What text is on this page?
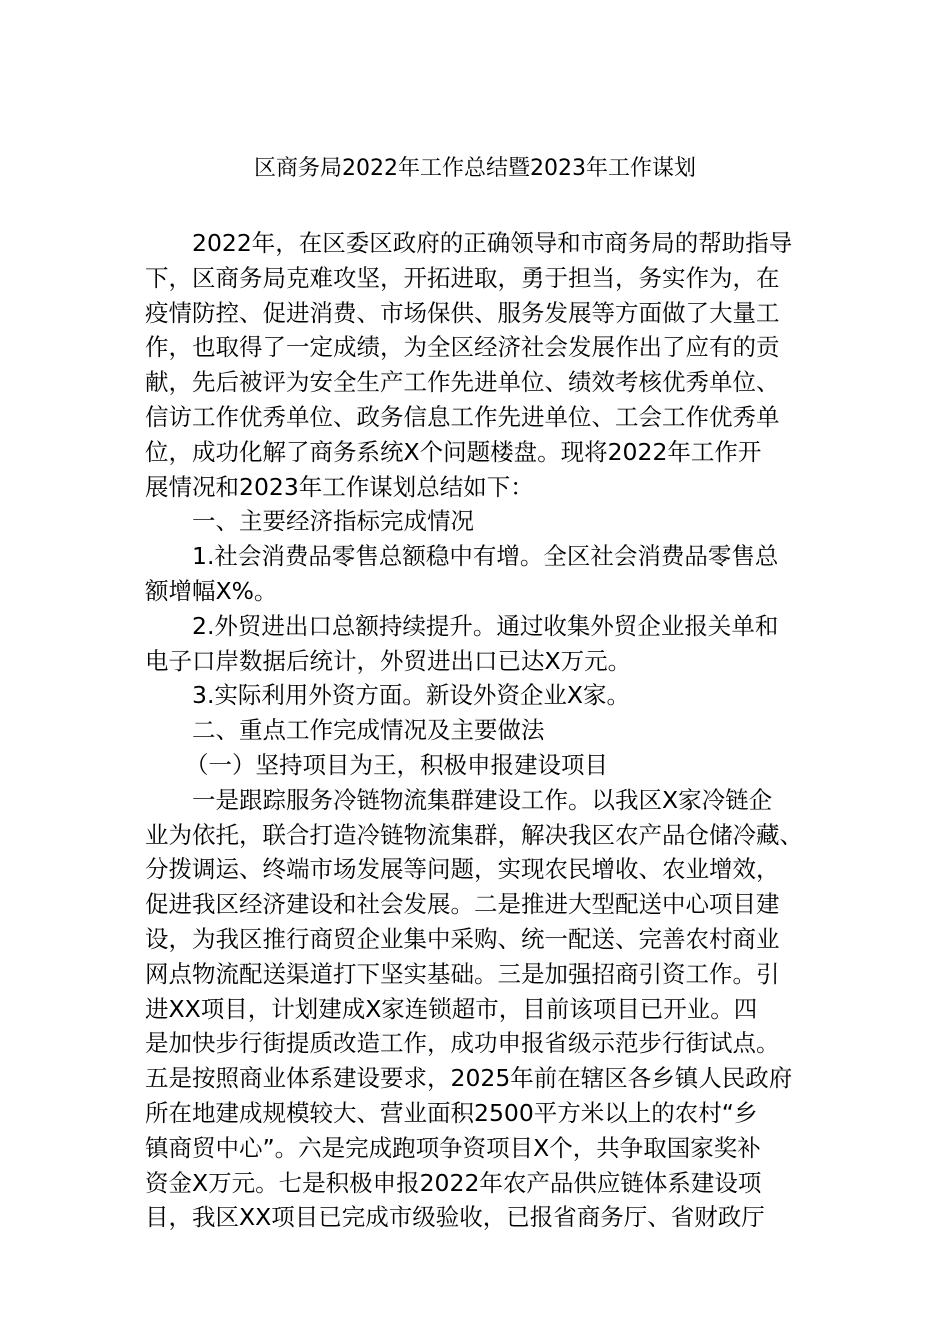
区商务局2022年工作总结暨2023年工作谋划
2022年，在区委区政府的正确领导和市商务局的帮助指导
下，区商务局克难攻坚，开拓进取，勇于担当，务实作为，在
疫情防控、促进消费、市场保供、服务发展等方面做了大量工
作，也取得了一定成绩，为全区经济社会发展作出了应有的贡
献，先后被评为安全生产工作先进单位、绩效考核优秀单位、
信访工作优秀单位、政务信息工作先进单位、工会工作优秀单
位，成功化解了商务系统X个问题楼盘。现将2022年工作开
展情况和2023年工作谋划总结如下：
一、主要经济指标完成情况
1.社会消费品零售总额稳中有增。全区社会消费品零售总
额增幅X%。
2.外贸进出口总额持续提升。通过收集外贸企业报关单和
电子口岸数据后统计，外贸进出口已达X万元。
3.实际利用外资方面。新设外资企业X家。
二、重点工作完成情况及主要做法
（一）坚持项目为王，积极申报建设项目
一是跟踪服务冷链物流集群建设工作。以我区X家冷链企
业为依托，联合打造冷链物流集群，解决我区农产品仓储冷藏、
分拨调运、终端市场发展等问题，实现农民增收、农业增效，
促进我区经济建设和社会发展。二是推进大型配送中心项目建
设，为我区推行商贸企业集中采购、统一配送、完善农村商业
网点物流配送渠道打下坚实基础。三是加强招商引资工作。引
进XX项目，计划建成X家连锁超市，目前该项目已开业。四
是加快步行街提质改造工作，成功申报省级示范步行街试点。
五是按照商业体系建设要求，2025年前在辖区各乡镇人民政府
所在地建成规模较大、营业面积2500平方米以上的农村“乡
镇商贸中心”。六是完成跑项争资项目X个，共争取国家奖补
资金X万元。七是积极申报2022年农产品供应链体系建设项
目，我区XX项目已完成市级验收，已报省商务厅、省财政厅
